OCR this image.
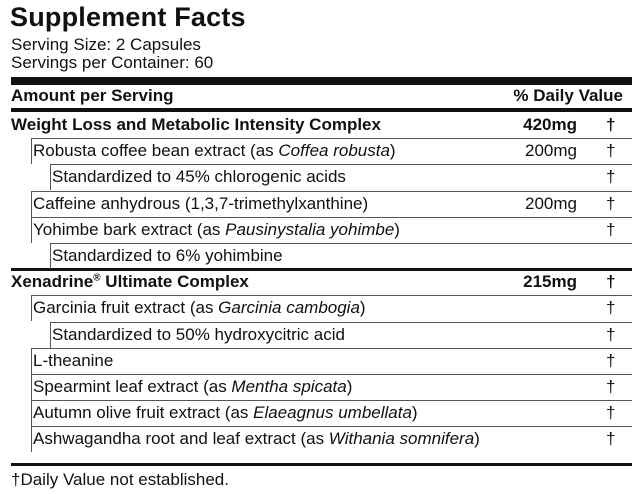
Supplement Facts
Serving Size: 2 Capsules
Servings per Container: 60
Amount per Serving	% Daily Value
Weight Loss and Metabolic Intensity Complex	420mg †
Robusta coffee bean extract (as Coffea robusta)	200mg †
Standardized to 45% chlorogenic acids	†
Caffeine anhydrous (1,3,7-trimethylxanthine)	200mg †
Yohimbe bark extract (as Pausinystalia yohimbe)	†
Standardized to 6% yohimbine
Xenadrine® Ultimate Complex	215mg †
Garcinia fruit extract (as Garcinia cambogia)	†
Standardized to 50% hydroxycitric acid	†
L-theanine	†
Spearmint leaf extract (as Mentha spicata)	†
Autumn olive fruit extract (as Elaeagnus umbellata)	†
Ashwagandha root and leaf extract (as Withania somnifera)	†
†Daily Value not established.
